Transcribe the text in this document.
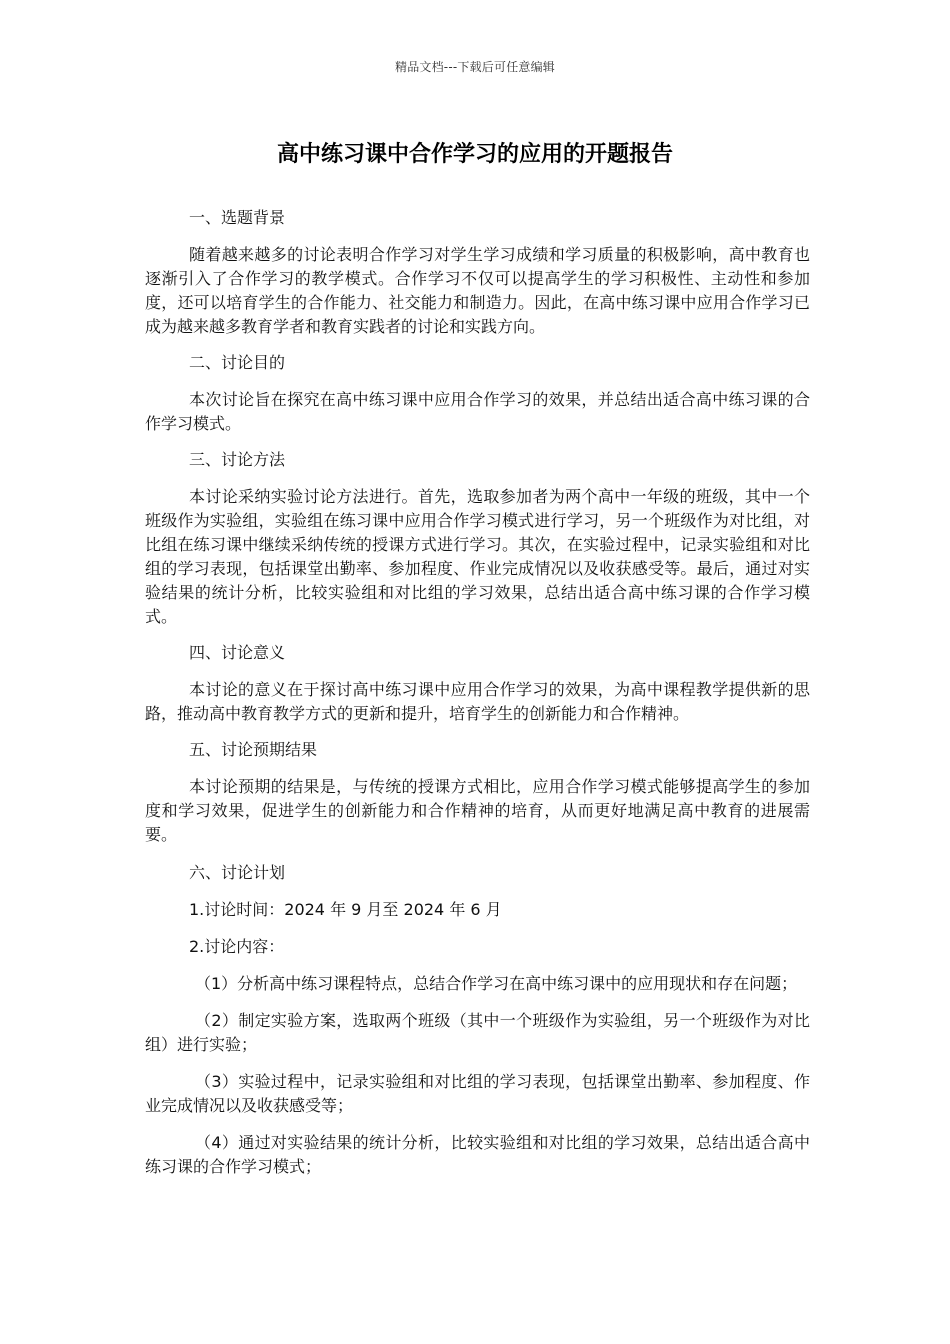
精品文档---下载后可任意编辑
高中练习课中合作学习的应用的开题报告

一、选题背景

随着越来越多的讨论表明合作学习对学生学习成绩和学习质量的积极影响，高中教育也逐渐引入了合作学习的教学模式。合作学习不仅可以提高学生的学习积极性、主动性和参加度，还可以培育学生的合作能力、社交能力和制造力。因此，在高中练习课中应用合作学习已成为越来越多教育学者和教育实践者的讨论和实践方向。

二、讨论目的

本次讨论旨在探究在高中练习课中应用合作学习的效果，并总结出适合高中练习课的合作学习模式。

三、讨论方法

本讨论采纳实验讨论方法进行。首先，选取参加者为两个高中一年级的班级，其中一个班级作为实验组，实验组在练习课中应用合作学习模式进行学习，另一个班级作为对比组，对比组在练习课中继续采纳传统的授课方式进行学习。其次，在实验过程中，记录实验组和对比组的学习表现，包括课堂出勤率、参加程度、作业完成情况以及收获感受等。最后，通过对实验结果的统计分析，比较实验组和对比组的学习效果，总结出适合高中练习课的合作学习模式。

四、讨论意义

本讨论的意义在于探讨高中练习课中应用合作学习的效果，为高中课程教学提供新的思路，推动高中教育教学方式的更新和提升，培育学生的创新能力和合作精神。

五、讨论预期结果

本讨论预期的结果是，与传统的授课方式相比，应用合作学习模式能够提高学生的参加度和学习效果，促进学生的创新能力和合作精神的培育，从而更好地满足高中教育的进展需要。

六、讨论计划

1.讨论时间：2024 年 9 月至 2024 年 6 月

2.讨论内容：

（1）分析高中练习课程特点，总结合作学习在高中练习课中的应用现状和存在问题；

（2）制定实验方案，选取两个班级（其中一个班级作为实验组，另一个班级作为对比组）进行实验；

（3）实验过程中，记录实验组和对比组的学习表现，包括课堂出勤率、参加程度、作业完成情况以及收获感受等；

（4）通过对实验结果的统计分析，比较实验组和对比组的学习效果，总结出适合高中练习课的合作学习模式；
